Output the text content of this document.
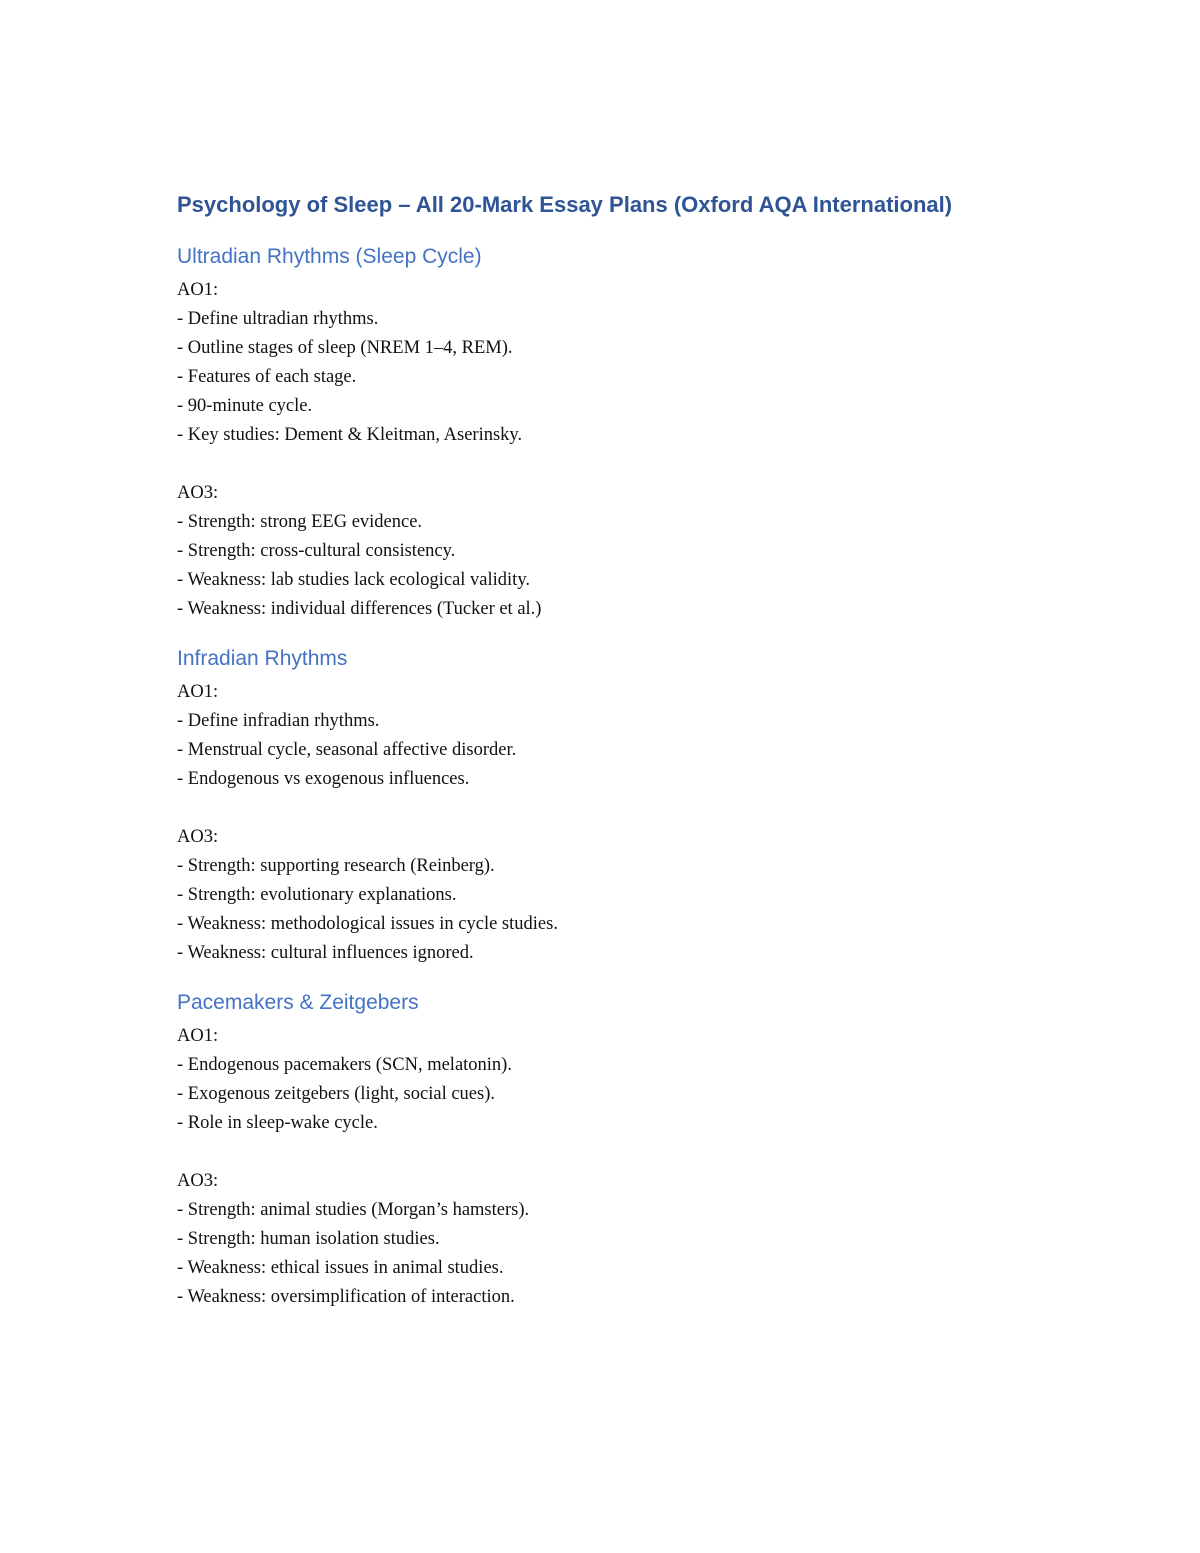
Psychology of Sleep – All 20-Mark Essay Plans (Oxford AQA International)
Ultradian Rhythms (Sleep Cycle)
AO1:
- Define ultradian rhythms.
- Outline stages of sleep (NREM 1–4, REM).
- Features of each stage.
- 90-minute cycle.
- Key studies: Dement & Kleitman, Aserinsky.
AO3:
- Strength: strong EEG evidence.
- Strength: cross-cultural consistency.
- Weakness: lab studies lack ecological validity.
- Weakness: individual differences (Tucker et al.)
Infradian Rhythms
AO1:
- Define infradian rhythms.
- Menstrual cycle, seasonal affective disorder.
- Endogenous vs exogenous influences.
AO3:
- Strength: supporting research (Reinberg).
- Strength: evolutionary explanations.
- Weakness: methodological issues in cycle studies.
- Weakness: cultural influences ignored.
Pacemakers & Zeitgebers
AO1:
- Endogenous pacemakers (SCN, melatonin).
- Exogenous zeitgebers (light, social cues).
- Role in sleep-wake cycle.
AO3:
- Strength: animal studies (Morgan’s hamsters).
- Strength: human isolation studies.
- Weakness: ethical issues in animal studies.
- Weakness: oversimplification of interaction.
